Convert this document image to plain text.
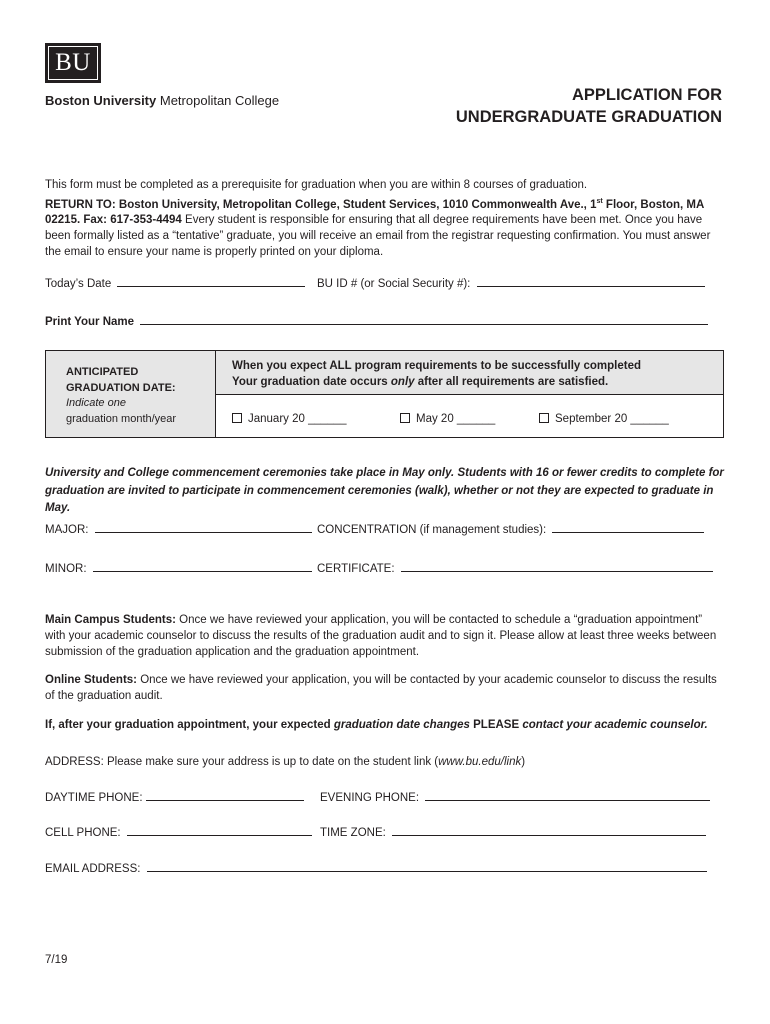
BU
Boston University Metropolitan College	APPLICATION FOR
UNDERGRADUATE GRADUATION
This form must be completed as a prerequisite for graduation when you are within 8 courses of graduation.
RETURN TO: Boston University, Metropolitan College, Student Services, 1010 Commonwealth Ave., 1st Floor, Boston, MA 02215. Fax: 617-353-4494 Every student is responsible for ensuring that all degree requirements have been met. Once you have been formally listed as a “tentative” graduate, you will receive an email from the registrar requesting confirmation. You must answer the email to ensure your name is properly printed on your diploma.
Today’s Date	BU ID # (or Social Security #):
Print Your Name
ANTICIPATED
GRADUATION DATE:
Indicate one
graduation month/year
When you expect ALL program requirements to be successfully completed
Your graduation date occurs only after all requirements are satisfied.
January 20 ______	May 20 ______	September 20 ______
University and College commencement ceremonies take place in May only. Students with 16 or fewer credits to complete for graduation are invited to participate in commencement ceremonies (walk), whether or not they are expected to graduate in May.
MAJOR:	CONCENTRATION (if management studies):
MINOR:	CERTIFICATE:
Main Campus Students: Once we have reviewed your application, you will be contacted to schedule a “graduation appointment” with your academic counselor to discuss the results of the graduation audit and to sign it. Please allow at least three weeks between submission of the graduation application and the graduation appointment.
Online Students: Once we have reviewed your application, you will be contacted by your academic counselor to discuss the results of the graduation audit.
If, after your graduation appointment, your expected graduation date changes PLEASE contact your academic counselor.
ADDRESS: Please make sure your address is up to date on the student link (www.bu.edu/link)
DAYTIME PHONE:	EVENING PHONE:
CELL PHONE:	TIME ZONE:
EMAIL ADDRESS:
7/19
